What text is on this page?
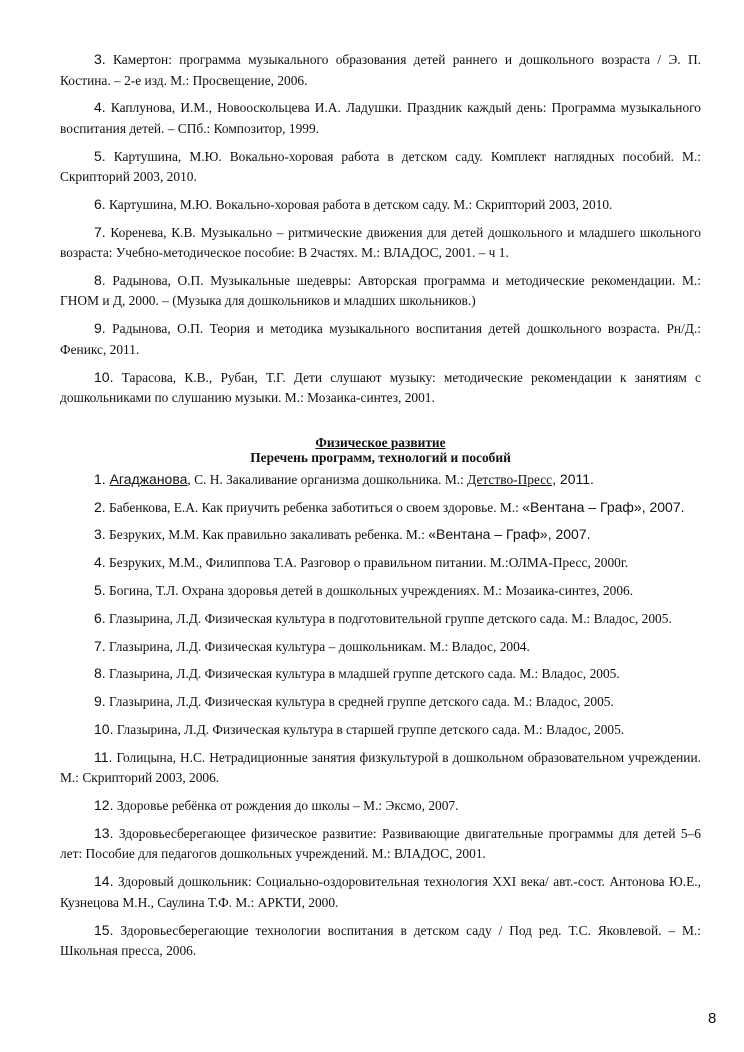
3. Камертон: программа музыкального образования детей раннего и дошкольного возраста / Э. П. Костина. – 2-е изд. М.: Просвещение, 2006.

4. Каплунова, И.М., Новооскольцева И.А. Ладушки. Праздник каждый день: Программа музыкального воспитания детей. – СПб.: Композитор, 1999.

5. Картушина, М.Ю. Вокально-хоровая работа в детском саду. Комплект наглядных пособий. М.: Скрипторий 2003, 2010.

6. Картушина, М.Ю. Вокально-хоровая работа в детском саду. М.: Скрипторий 2003, 2010.

7. Коренева, К.В. Музыкально – ритмические движения для детей дошкольного и младшего школьного возраста: Учебно-методическое пособие: В 2частях. М.: ВЛАДОС, 2001. – ч 1.

8. Радынова, О.П. Музыкальные шедевры: Авторская программа и методические рекомендации. М.: ГНОМ и Д, 2000. – (Музыка для дошкольников и младших школьников.)

9. Радынова, О.П. Теория и методика музыкального воспитания детей дошкольного возраста. Рн/Д.: Феникс, 2011.

10. Тарасова, К.В., Рубан, Т.Г. Дети слушают музыку: методические рекомендации к занятиям с дошкольниками по слушанию музыки. М.: Мозаика-синтез, 2001.

Физическое развитие

Перечень программ, технологий и пособий

1. Агаджанова, С. Н. Закаливание организма дошкольника. М.: Детство-Пресс, 2011.

2. Бабенкова, Е.А. Как приучить ребенка заботиться о своем здоровье. М.: «Вентана – Граф», 2007.

3. Безруких, М.М. Как правильно закаливать ребенка. М.: «Вентана – Граф», 2007.

4. Безруких, М.М., Филиппова Т.А. Разговор о правильном питании. М.:ОЛМА-Пресс, 2000г.

5. Богина, Т.Л. Охрана здоровья детей в дошкольных учреждениях. М.: Мозаика-синтез, 2006.

6. Глазырина, Л.Д. Физическая культура в подготовительной группе детского сада. М.: Владос, 2005.

7. Глазырина, Л.Д. Физическая культура – дошкольникам. М.: Владос, 2004.

8. Глазырина, Л.Д. Физическая культура в младшей группе детского сада. М.: Владос, 2005.

9. Глазырина, Л.Д. Физическая культура в средней группе детского сада. М.: Владос, 2005.

10. Глазырина, Л.Д. Физическая культура в старшей группе детского сада. М.: Владос, 2005.

11. Голицына, Н.С. Нетрадиционные занятия физкультурой в дошкольном образовательном учреждении. М.: Скрипторий 2003, 2006.

12. Здоровье ребёнка от рождения до школы – М.: Эксмо, 2007.

13. Здоровьесберегающее физическое развитие: Развивающие двигательные программы для детей 5–6 лет: Пособие для педагогов дошкольных учреждений. М.: ВЛАДОС, 2001.

14. Здоровый дошкольник: Социально-оздоровительная технология XXI века/ авт.-сост. Антонова Ю.Е., Кузнецова М.Н., Саулина Т.Ф. М.: АРКТИ, 2000.

15. Здоровьесберегающие технологии воспитания в детском саду / Под ред. Т.С. Яковлевой. – М.: Школьная пресса, 2006.

8
